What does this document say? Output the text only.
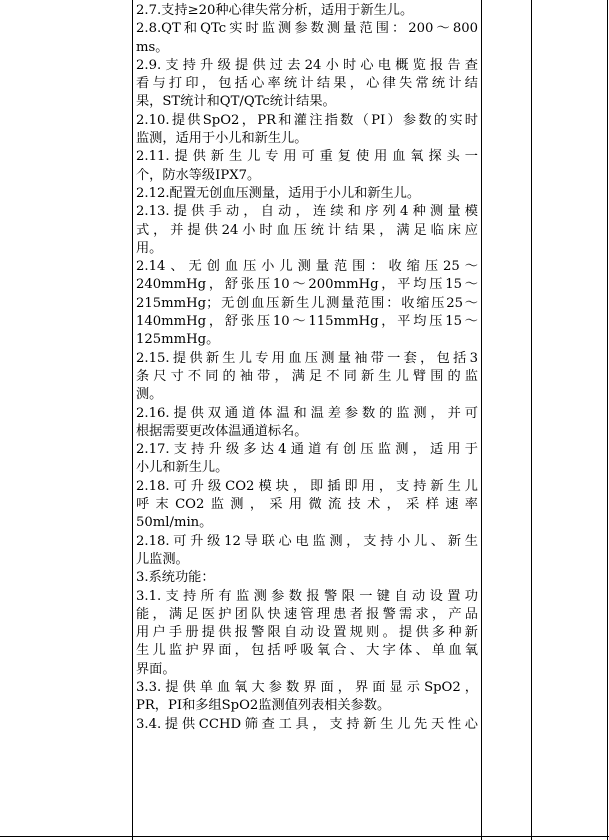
2.7.支持≥20种心律失常分析，适用于新生儿。
2.8.QT和QTc实时监测参数测量范围：200～800
ms。
2.9.支持升级提供过去24小时心电概览报告查
看与打印，包括心率统计结果，心律失常统计结
果，ST统计和QT/QTc统计结果。
2.10.提供SpO2，PR和灌注指数（PI）参数的实时
监测，适用于小儿和新生儿。
2.11.提供新生儿专用可重复使用血氧探头一
个，防水等级IPX7。
2.12.配置无创血压测量，适用于小儿和新生儿。
2.13.提供手动，自动，连续和序列4种测量模
式，并提供24小时血压统计结果，满足临床应
用。
2.14、无创血压小儿测量范围：收缩压25～
240mmHg，舒张压10～200mmHg，平均压15～
215mmHg；无创血压新生儿测量范围：收缩压25～
140mmHg，舒张压10～115mmHg，平均压15～
125mmHg。
2.15.提供新生儿专用血压测量袖带一套，包括3
条尺寸不同的袖带，满足不同新生儿臂围的监
测。
2.16.提供双通道体温和温差参数的监测，并可
根据需要更改体温通道标名。
2.17.支持升级多达4通道有创压监测，适用于
小儿和新生儿。
2.18.可升级CO2模块，即插即用，支持新生儿
呼末CO2监测，采用微流技术，采样速率
50ml/min。
2.18.可升级12导联心电监测，支持小儿、新生
儿监测。
3.系统功能：
3.1.支持所有监测参数报警限一键自动设置功
能，满足医护团队快速管理患者报警需求，产品
用户手册提供报警限自动设置规则。提供多种新
生儿监护界面，包括呼吸氧合、大字体、单血氧
界面。
3.3.提供单血氧大参数界面，界面显示SpO2，
PR，PI和多组SpO2监测值列表相关参数。
3.4.提供CCHD筛查工具，支持新生儿先天性心
